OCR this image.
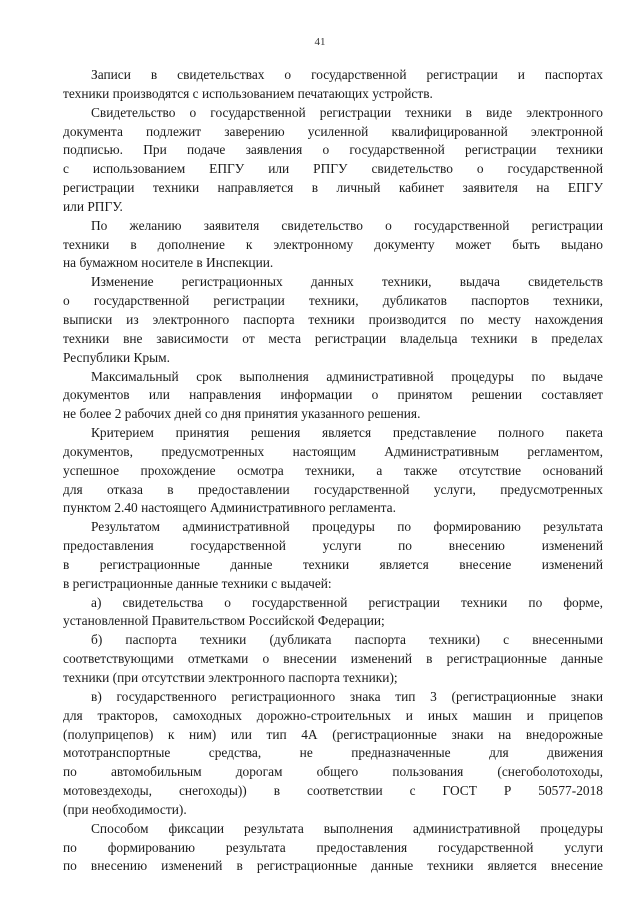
41
Записи в свидетельствах о государственной регистрации и паспортах
техники производятся с использованием печатающих устройств.
Свидетельство о государственной регистрации техники в виде электронного
документа подлежит заверению усиленной квалифицированной электронной
подписью. При подаче заявления о государственной регистрации техники
с использованием ЕПГУ или РПГУ свидетельство о государственной
регистрации техники направляется в личный кабинет заявителя на ЕПГУ
или РПГУ.
По желанию заявителя свидетельство о государственной регистрации
техники в дополнение к электронному документу может быть выдано
на бумажном носителе в Инспекции.
Изменение регистрационных данных техники, выдача свидетельств
о государственной регистрации техники, дубликатов паспортов техники,
выписки из электронного паспорта техники производится по месту нахождения
техники вне зависимости от места регистрации владельца техники в пределах
Республики Крым.
Максимальный срок выполнения административной процедуры по выдаче
документов или направления информации о принятом решении составляет
не более 2 рабочих дней со дня принятия указанного решения.
Критерием принятия решения является представление полного пакета
документов, предусмотренных настоящим Административным регламентом,
успешное прохождение осмотра техники, а также отсутствие оснований
для отказа в предоставлении государственной услуги, предусмотренных
пунктом 2.40 настоящего Административного регламента.
Результатом административной процедуры по формированию результата
предоставления государственной услуги по внесению изменений
в регистрационные данные техники является внесение изменений
в регистрационные данные техники с выдачей:
а) свидетельства о государственной регистрации техники по форме,
установленной Правительством Российской Федерации;
б) паспорта техники (дубликата паспорта техники) с внесенными
соответствующими отметками о внесении изменений в регистрационные данные
техники (при отсутствии электронного паспорта техники);
в) государственного регистрационного знака тип 3 (регистрационные знаки
для тракторов, самоходных дорожно-строительных и иных машин и прицепов
(полуприцепов) к ним) или тип 4А (регистрационные знаки на внедорожные
мототранспортные средства, не предназначенные для движения
по автомобильным дорогам общего пользования (снегоболотоходы,
мотовездеходы, снегоходы)) в соответствии с ГОСТ Р 50577-2018
(при необходимости).
Способом фиксации результата выполнения административной процедуры
по формированию результата предоставления государственной услуги
по внесению изменений в регистрационные данные техники является внесение
